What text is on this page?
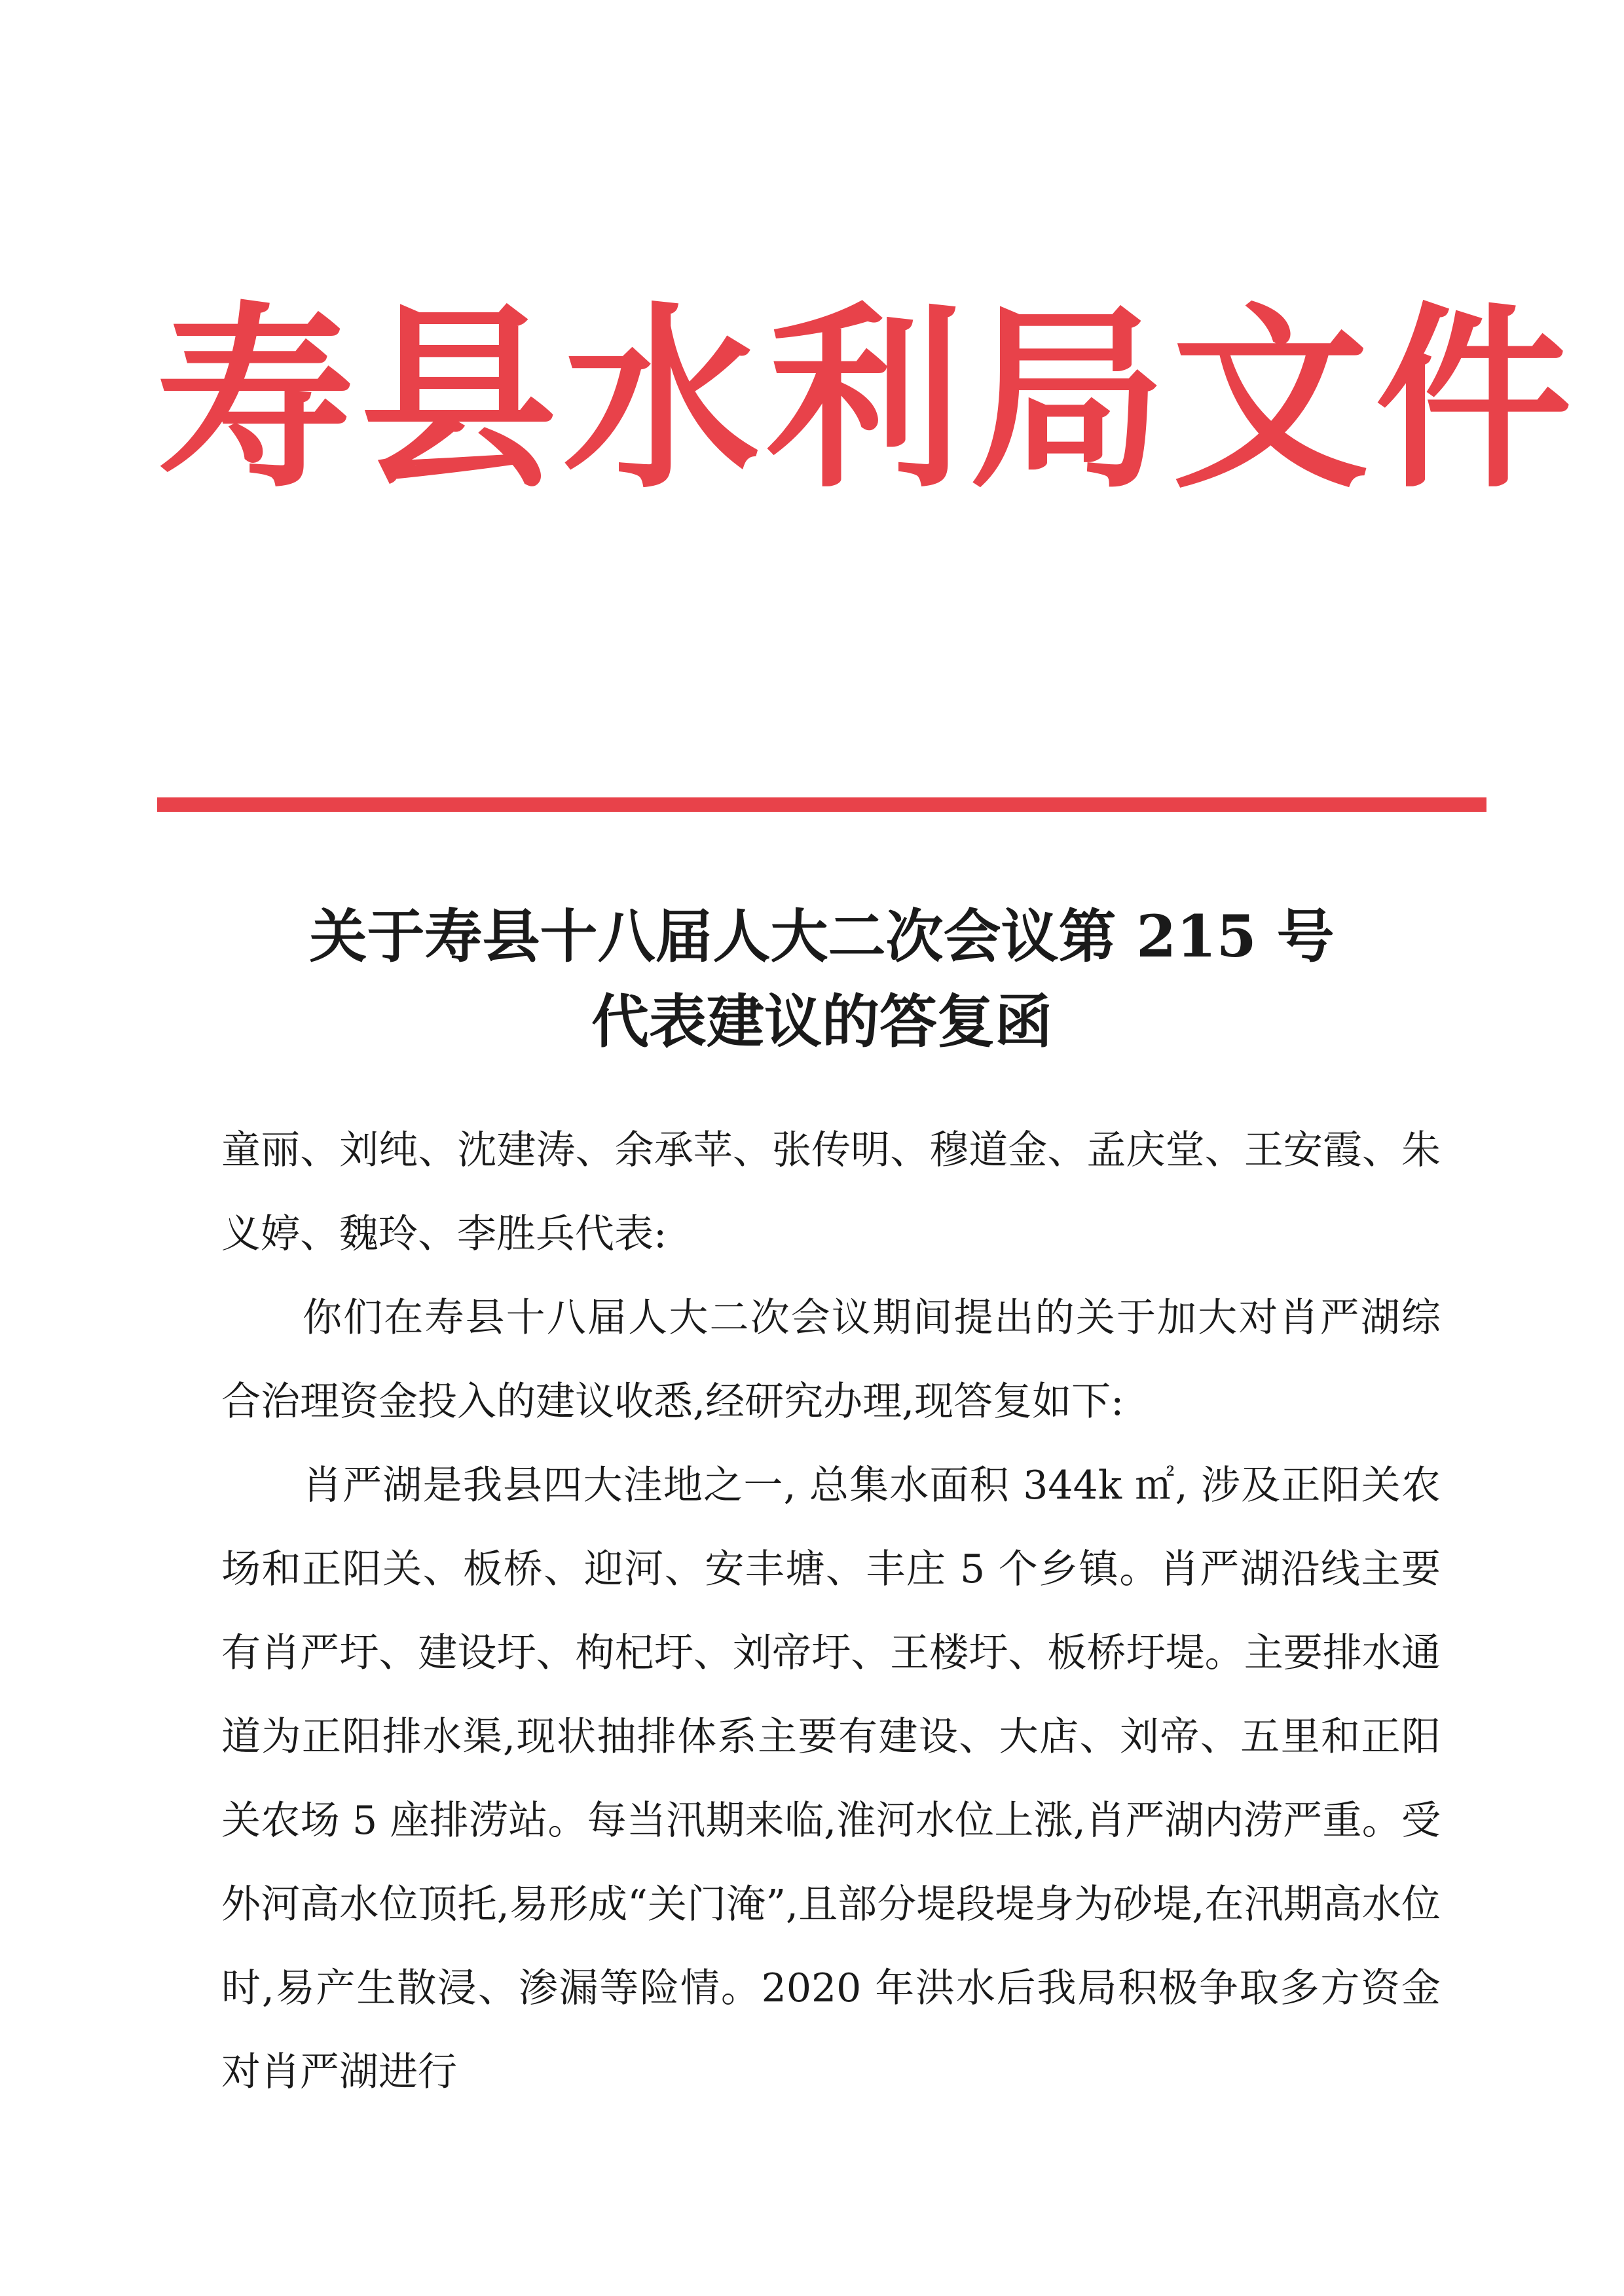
寿县水利局文件
关于寿县十八届人大二次会议第 215 号
代表建议的答复函

童丽、刘纯、沈建涛、余承苹、张传明、穆道金、孟庆堂、王安霞、朱义婷、魏玲、李胜兵代表:

你们在寿县十八届人大二次会议期间提出的关于加大对肖严湖综合治理资金投入的建议收悉,经研究办理,现答复如下:

肖严湖是我县四大洼地之一, 总集水面积 344k ㎡, 涉及正阳关农场和正阳关、板桥、迎河、安丰塘、丰庄 5 个乡镇。肖严湖沿线主要有肖严圩、建设圩、枸杞圩、刘帝圩、王楼圩、板桥圩堤。主要排水通道为正阳排水渠,现状抽排体系主要有建设、大店、刘帝、五里和正阳关农场 5 座排涝站。每当汛期来临,淮河水位上涨,肖严湖内涝严重。受外河高水位顶托,易形成“关门淹”,且部分堤段堤身为砂堤,在汛期高水位时,易产生散浸、渗漏等险情。2020 年洪水后我局积极争取多方资金对肖严湖进行
